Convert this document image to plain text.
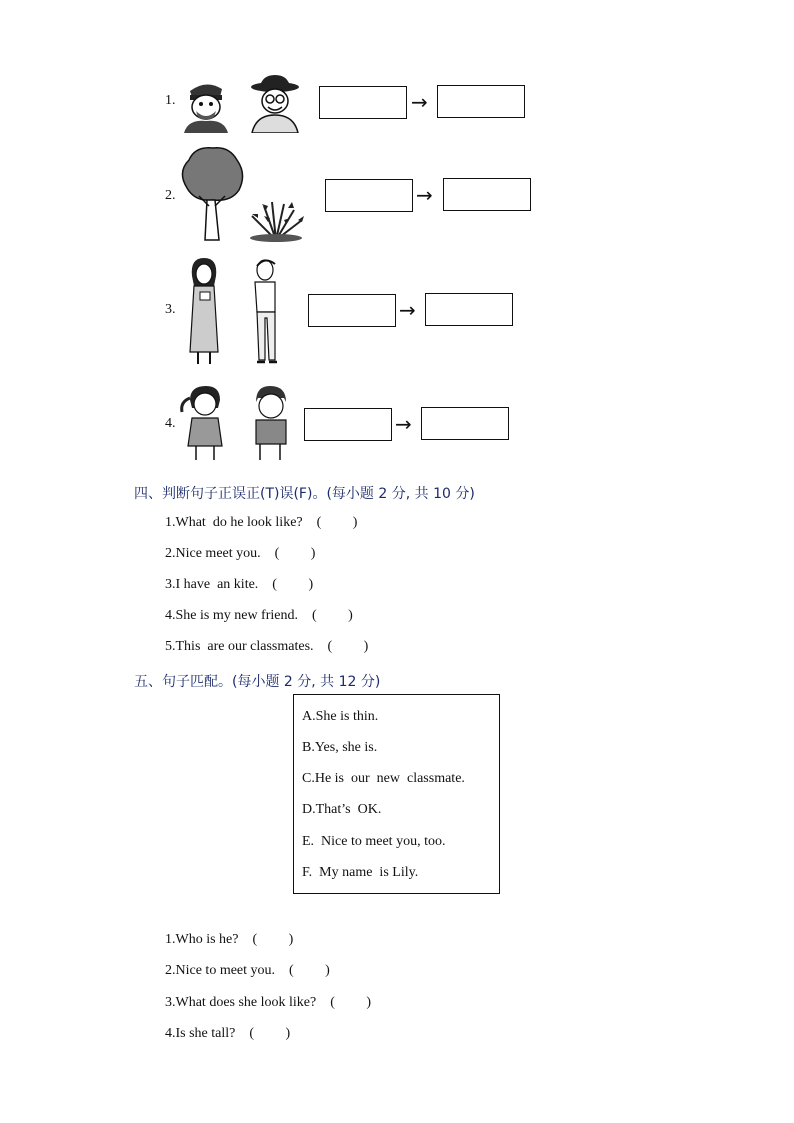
1.	→
2.	→
3.	→
4.	→
四、判断句子正误正(T)误(F)。(每小题 2 分, 共 10 分)
1.What  do he look like?    (         )
2.Nice meet you.    (         )
3.I have  an kite.    (         )
4.She is my new friend.    (         )
5.This  are our classmates.    (         )
五、句子匹配。(每小题 2 分, 共 12 分)
A.She is thin.
B.Yes, she is.
C.He is  our  new  classmate.
D.That’s  OK.
E.  Nice to meet you, too.
F.  My name  is Lily.
1.Who is he?    (         )
2.Nice to meet you.    (         )
3.What does she look like?    (         )
4.Is she tall?    (         )
